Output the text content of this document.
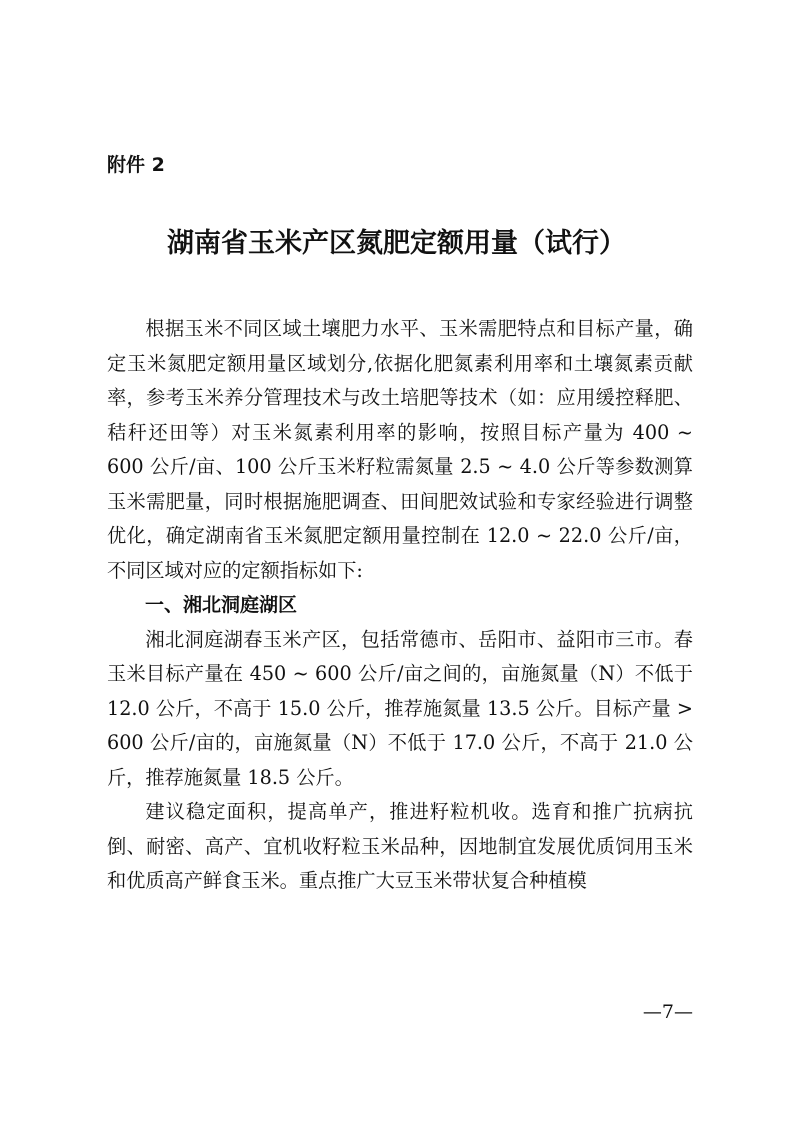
附件 2
湖南省玉米产区氮肥定额用量（试行）

根据玉米不同区域土壤肥力水平、玉米需肥特点和目标产量，确定玉米氮肥定额用量区域划分,依据化肥氮素利用率和土壤氮素贡献率，参考玉米养分管理技术与改土培肥等技术（如：应用缓控释肥、秸秆还田等）对玉米氮素利用率的影响，按照目标产量为 400 ~ 600 公斤/亩、100 公斤玉米籽粒需氮量 2.5 ~ 4.0 公斤等参数测算玉米需肥量，同时根据施肥调查、田间肥效试验和专家经验进行调整优化，确定湖南省玉米氮肥定额用量控制在 12.0 ~ 22.0 公斤/亩，不同区域对应的定额指标如下:

一、湘北洞庭湖区

湘北洞庭湖春玉米产区，包括常德市、岳阳市、益阳市三市。春玉米目标产量在 450 ~ 600 公斤/亩之间的，亩施氮量（N）不低于 12.0 公斤，不高于 15.0 公斤，推荐施氮量 13.5 公斤。目标产量 > 600 公斤/亩的，亩施氮量（N）不低于 17.0 公斤，不高于 21.0 公斤，推荐施氮量 18.5 公斤。

建议稳定面积，提高单产，推进籽粒机收。选育和推广抗病抗倒、耐密、高产、宜机收籽粒玉米品种，因地制宜发展优质饲用玉米和优质高产鲜食玉米。重点推广大豆玉米带状复合种植模

—7—
